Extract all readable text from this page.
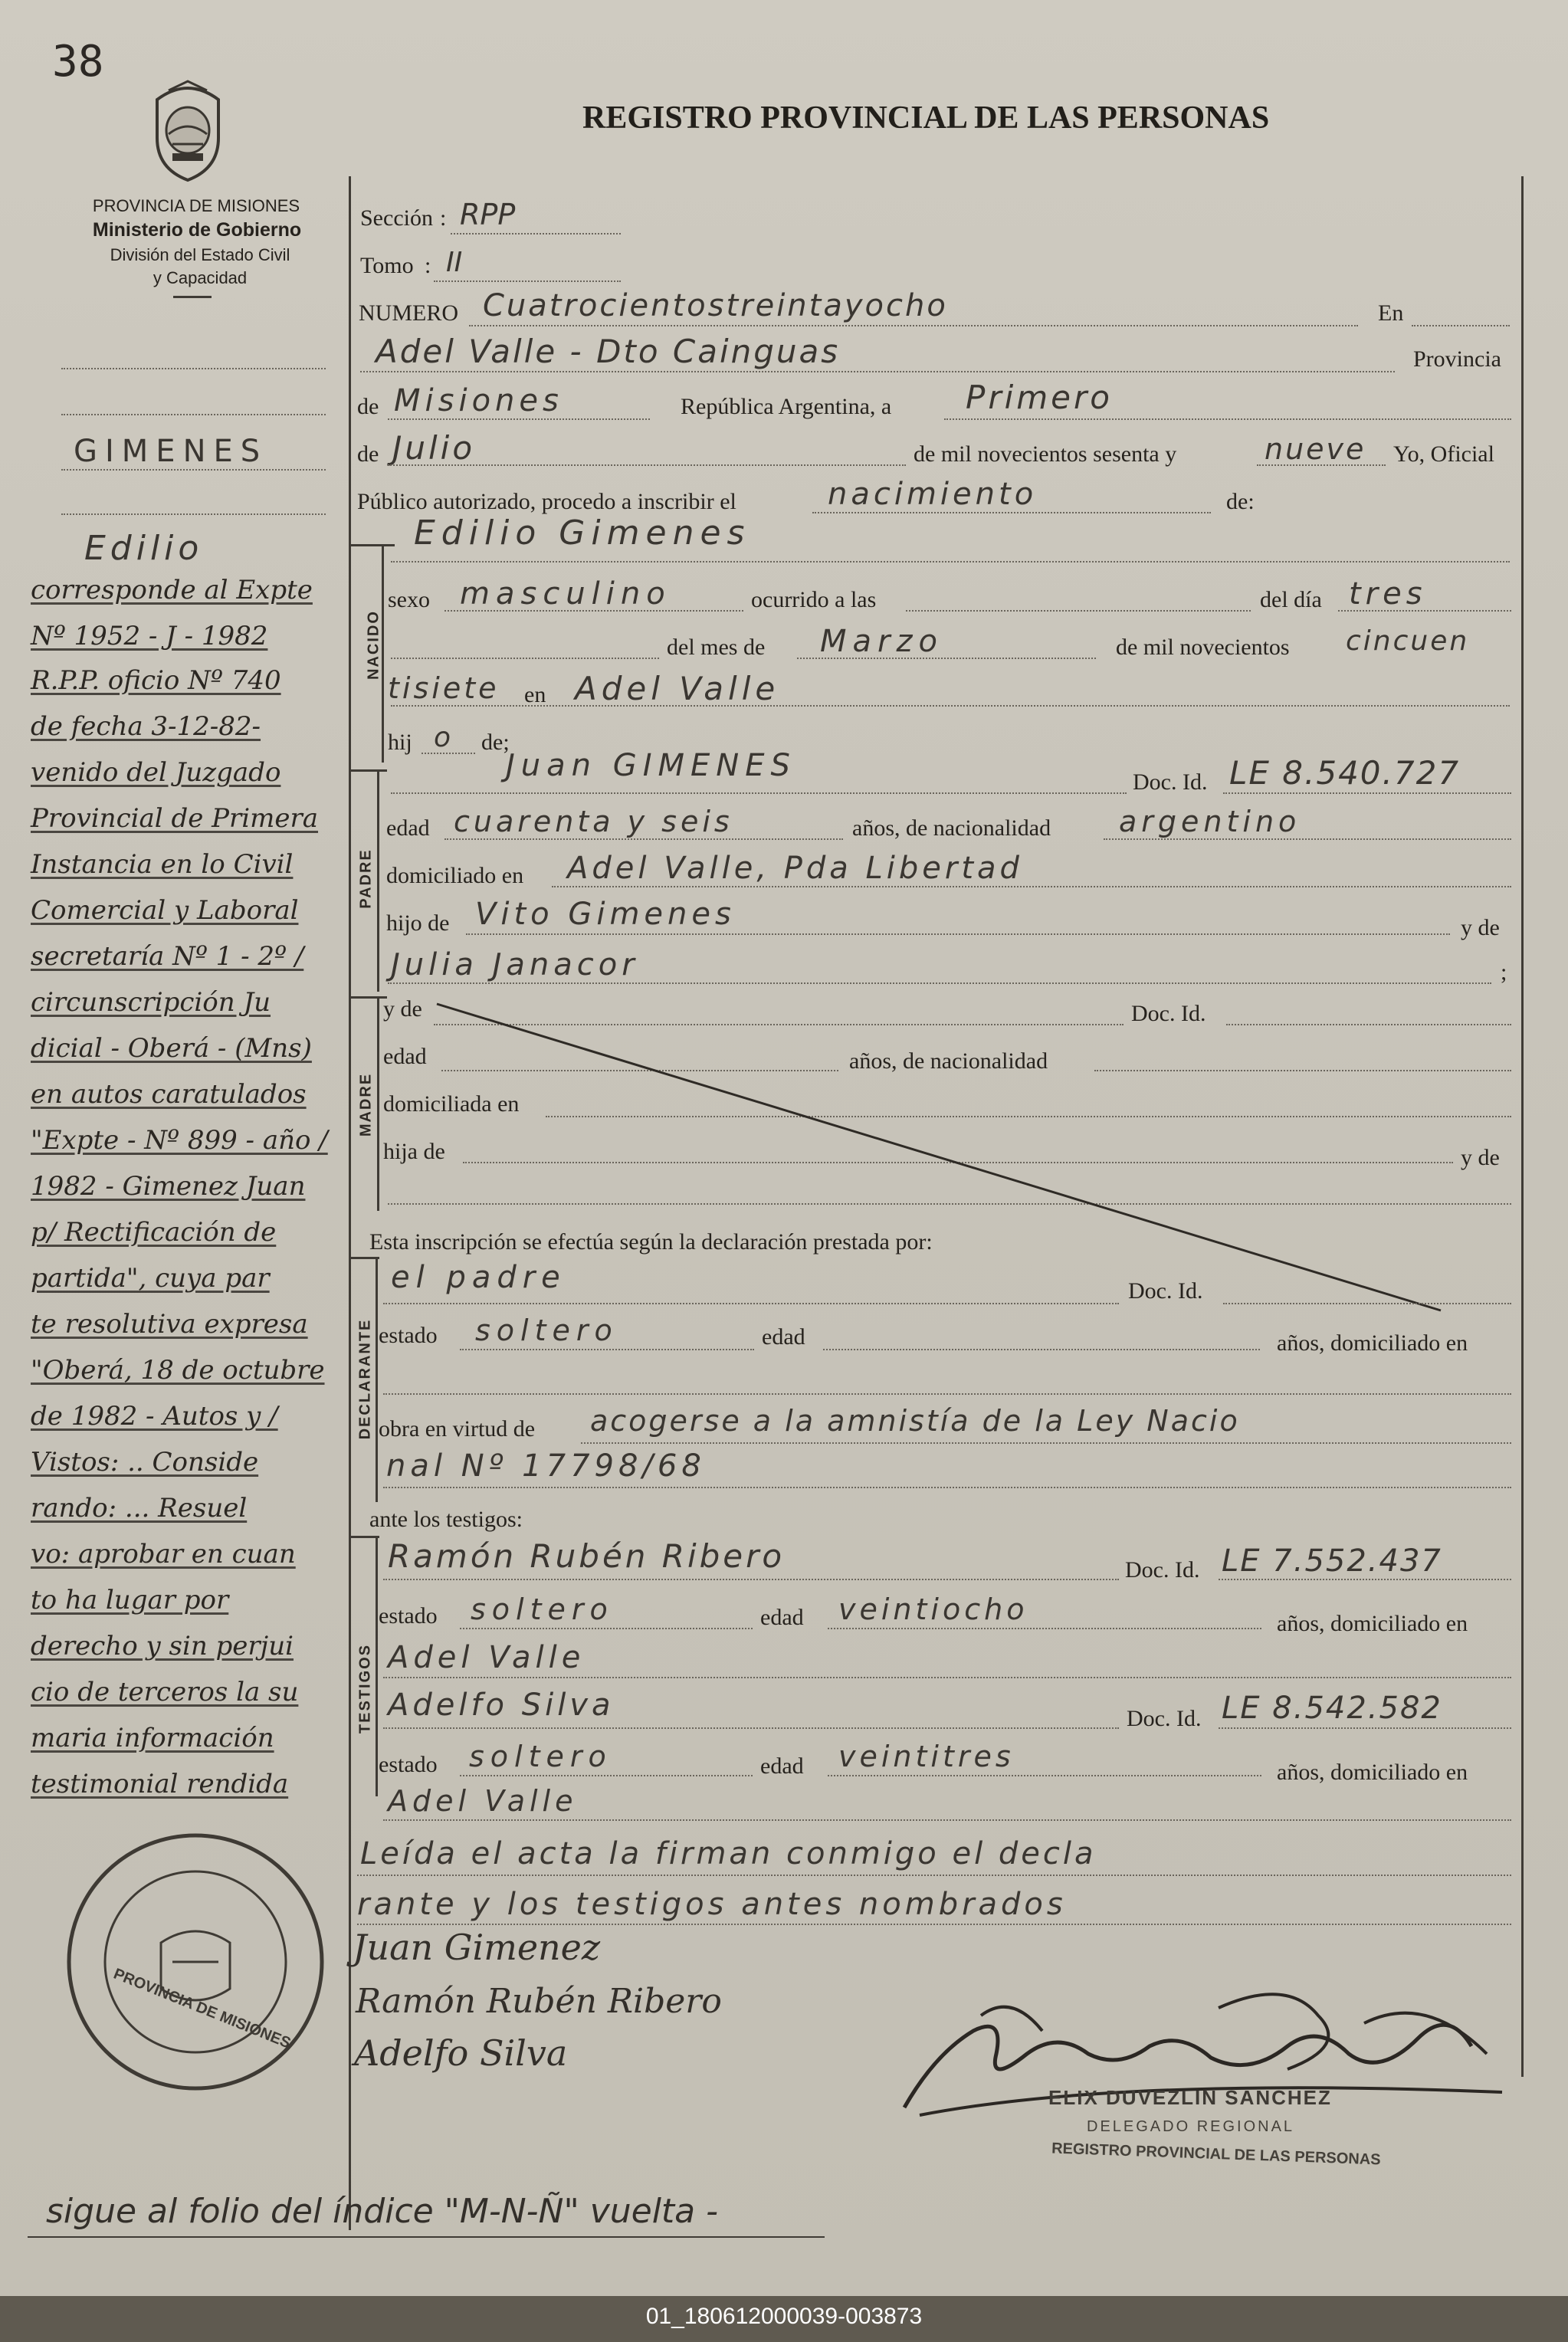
38
PROVINCIA DE MISIONES
Ministerio de Gobierno
División del Estado Civil
y Capacidad
REGISTRO PROVINCIAL DE LAS PERSONAS
GIMENES
Edilio
corresponde al Expte
Nº 1952 - J - 1982
R.P.P. oficio Nº 740
de fecha 3-12-82-
venido del Juzgado
Provincial de Primera
Instancia en lo Civil
Comercial y Laboral
secretaría Nº 1 - 2º /
circunscripción Ju
dicial - Oberá - (Mns)
en autos caratulados
"Expte - Nº 899 - año /
1982 - Gimenez Juan
p/ Rectificación de
partida", cuya par
te resolutiva expresa
"Oberá, 18 de octubre
de 1982 - Autos y /
Vistos: .. Conside
rando: ... Resuel
vo: aprobar en cuan
to ha lugar por
derecho y sin perjui
cio de terceros la su
maria información
testimonial rendida
PROVINCIA DE MISIONES
sigue al folio del índice "M-N-Ñ" vuelta -
Sección : RPP
Tomo : II
NUMERO Cuatrocientostreintayocho	En
Adel Valle - Dto Cainguas	Provincia
de Misiones	República Argentina, a Primero
de Julio	de mil novecientos sesenta y	nueve Yo, Oficial
Público autorizado, procedo a inscribir el	nacimiento	de:
NACIDO
Edilio Gimenes
sexo masculino	ocurrido a las	del día tres
del mes de Marzo	de mil novecientos cincuen
tisiete en Adel Valle
hij o de;
PADRE
Juan GIMENES	Doc. Id. LE 8.540.727
edad cuarenta y seis	años, de nacionalidad argentino
domiciliado en Adel Valle, Pda Libertad
hijo de Vito Gimenes	y de
Julia Janacor	;
MADRE
y de	Doc. Id.
edad	años, de nacionalidad
domiciliada en
hija de	y de
Esta inscripción se efectúa según la declaración prestada por:
DECLARANTE
el padre	Doc. Id.
estado soltero	edad	años, domiciliado en
obra en virtud de acogerse a la amnistía de la Ley Nacio
nal Nº 17798/68
ante los testigos:
TESTIGOS
Ramón Rubén Ribero	Doc. Id. LE 7.552.437
estado soltero	edad veintiocho	años, domiciliado en
Adel Valle
Adelfo Silva	Doc. Id. LE 8.542.582
estado soltero	edad veintitres	años, domiciliado en
Adel Valle
Leída el acta la firman conmigo el decla
rante y los testigos antes nombrados
Juan Gimenez
Ramón Rubén Ribero
Adelfo Silva
ELIX DUVEZLIN SANCHEZ
DELEGADO REGIONAL
REGISTRO PROVINCIAL DE LAS PERSONAS
01_180612000039-003873
